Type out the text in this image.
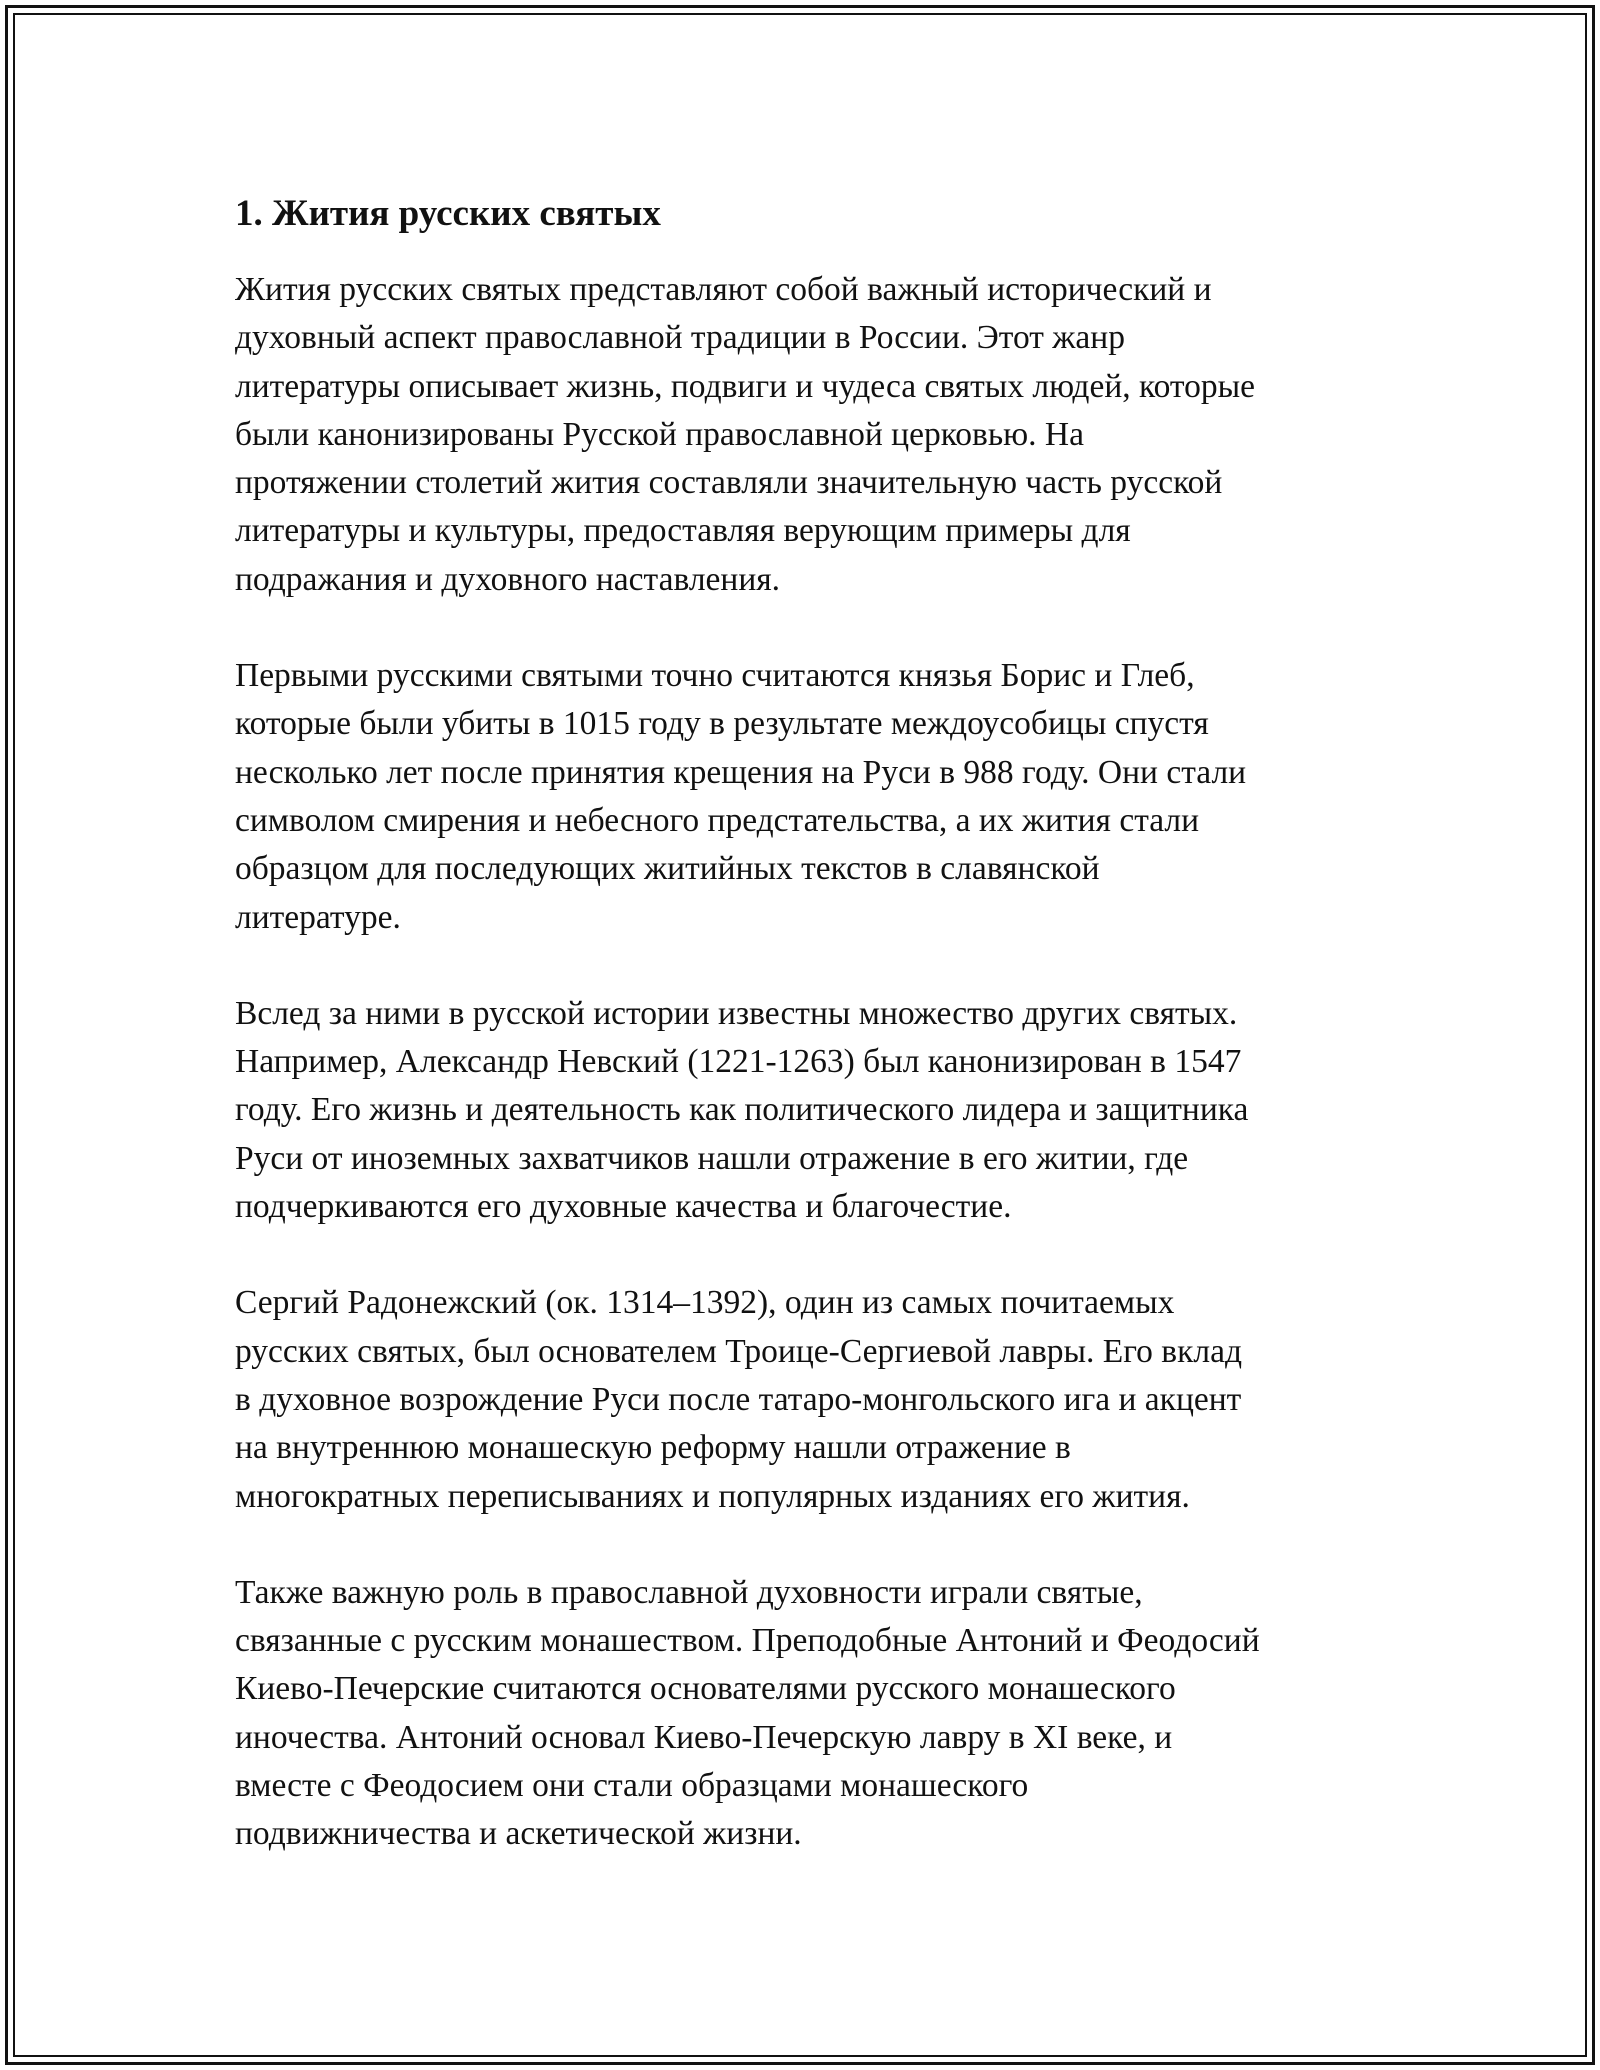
1. Жития русских святых

Жития русских святых представляют собой важный исторический и
духовный аспект православной традиции в России. Этот жанр
литературы описывает жизнь, подвиги и чудеса святых людей, которые
были канонизированы Русской православной церковью. На
протяжении столетий жития составляли значительную часть русской
литературы и культуры, предоставляя верующим примеры для
подражания и духовного наставления.

Первыми русскими святыми точно считаются князья Борис и Глеб,
которые были убиты в 1015 году в результате междоусобицы спустя
несколько лет после принятия крещения на Руси в 988 году. Они стали
символом смирения и небесного предстательства, а их жития стали
образцом для последующих житийных текстов в славянской
литературе.

Вслед за ними в русской истории известны множество других святых.
Например, Александр Невский (1221-1263) был канонизирован в 1547
году. Его жизнь и деятельность как политического лидера и защитника
Руси от иноземных захватчиков нашли отражение в его житии, где
подчеркиваются его духовные качества и благочестие.

Сергий Радонежский (ок. 1314–1392), один из самых почитаемых
русских святых, был основателем Троице-Сергиевой лавры. Его вклад
в духовное возрождение Руси после татаро-монгольского ига и акцент
на внутреннюю монашескую реформу нашли отражение в
многократных переписываниях и популярных изданиях его жития.

Также важную роль в православной духовности играли святые,
связанные с русским монашеством. Преподобные Антоний и Феодосий
Киево-Печерские считаются основателями русского монашеского
иночества. Антоний основал Киево-Печерскую лавру в XI веке, и
вместе с Феодосием они стали образцами монашеского
подвижничества и аскетической жизни.
